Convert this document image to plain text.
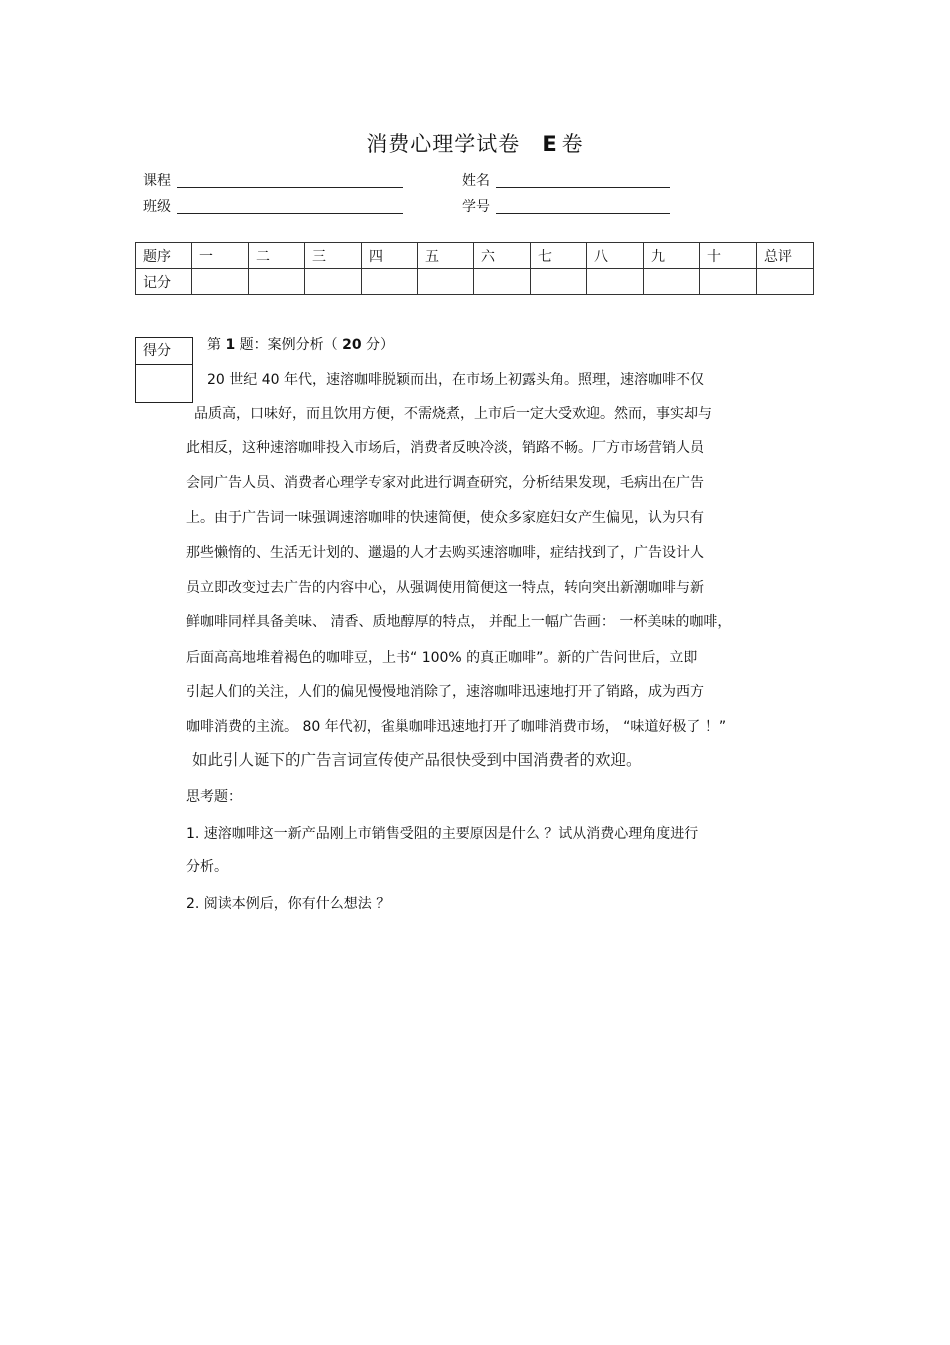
消费心理学试卷 E 卷
课程	姓名
班级	学号
题序	一	二	三	四	五	六	七	八	九	十	总评
记分											
得分	第 1 题：案例分析（ 20 分）
20 世纪 40 年代，速溶咖啡脱颖而出，在市场上初露头角。照理，速溶咖啡不仅
品质高，口味好，而且饮用方便，不需烧煮，上市后一定大受欢迎。然而，事实却与
此相反，这种速溶咖啡投入市场后，消费者反映冷淡，销路不畅。厂方市场营销人员
会同广告人员、消费者心理学专家对此进行调查研究，分析结果发现，毛病出在广告
上。由于广告词一味强调速溶咖啡的快速简便，使众多家庭妇女产生偏见，认为只有
那些懒惰的、生活无计划的、邋遢的人才去购买速溶咖啡，症结找到了，广告设计人
员立即改变过去广告的内容中心，从强调使用简便这一特点，转向突出新潮咖啡与新
鲜咖啡同样具备美味、 清香、质地醇厚的特点， 并配上一幅广告画： 一杯美味的咖啡，
后面高高地堆着褐色的咖啡豆，上书“ 100% 的真正咖啡”。新的广告问世后，立即
引起人们的关注，人们的偏见慢慢地消除了，速溶咖啡迅速地打开了销路，成为西方
咖啡消费的主流。 80 年代初，雀巢咖啡迅速地打开了咖啡消费市场， “味道好极了 ！”
如此引人诞下的广告言词宣传使产品很快受到中国消费者的欢迎。
思考题：
1. 速溶咖啡这一新产品刚上市销售受阻的主要原因是什么 ？试从消费心理角度进行
分析。
2. 阅读本例后，你有什么想法 ？
